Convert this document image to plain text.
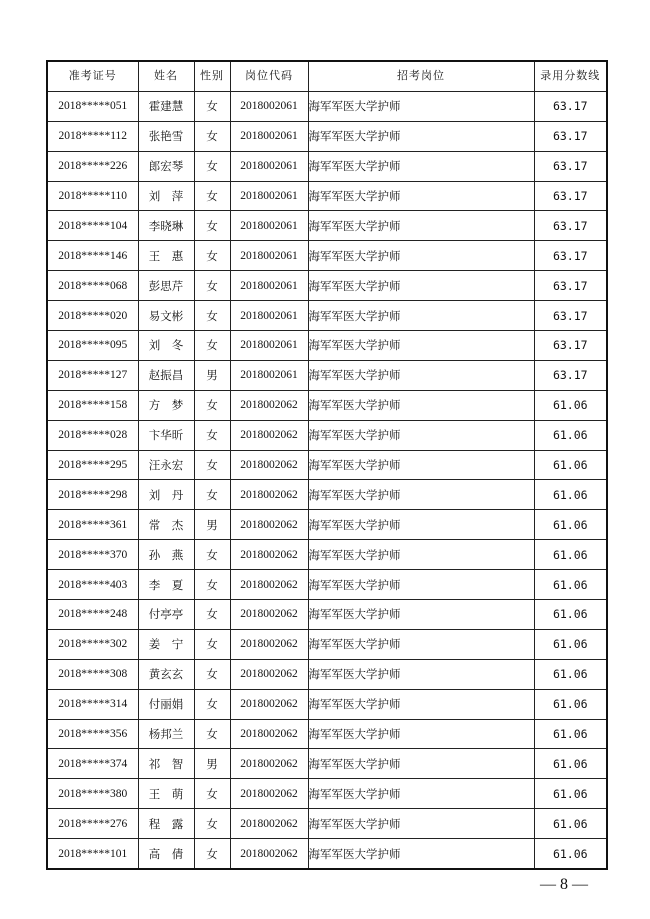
准考证号	姓名	性别	岗位代码	招考岗位	录用分数线
2018*****051	霍建慧	女	2018002061	海军军医大学护师	63.17
2018*****112	张艳雪	女	2018002061	海军军医大学护师	63.17
2018*****226	郎宏琴	女	2018002061	海军军医大学护师	63.17
2018*****110	刘　萍	女	2018002061	海军军医大学护师	63.17
2018*****104	李晓琳	女	2018002061	海军军医大学护师	63.17
2018*****146	王　惠	女	2018002061	海军军医大学护师	63.17
2018*****068	彭思芹	女	2018002061	海军军医大学护师	63.17
2018*****020	易文彬	女	2018002061	海军军医大学护师	63.17
2018*****095	刘　冬	女	2018002061	海军军医大学护师	63.17
2018*****127	赵振昌	男	2018002061	海军军医大学护师	63.17
2018*****158	方　梦	女	2018002062	海军军医大学护师	61.06
2018*****028	卞华昕	女	2018002062	海军军医大学护师	61.06
2018*****295	汪永宏	女	2018002062	海军军医大学护师	61.06
2018*****298	刘　丹	女	2018002062	海军军医大学护师	61.06
2018*****361	常　杰	男	2018002062	海军军医大学护师	61.06
2018*****370	孙　燕	女	2018002062	海军军医大学护师	61.06
2018*****403	李　夏	女	2018002062	海军军医大学护师	61.06
2018*****248	付亭亭	女	2018002062	海军军医大学护师	61.06
2018*****302	姜　宁	女	2018002062	海军军医大学护师	61.06
2018*****308	黄玄玄	女	2018002062	海军军医大学护师	61.06
2018*****314	付丽娟	女	2018002062	海军军医大学护师	61.06
2018*****356	杨邦兰	女	2018002062	海军军医大学护师	61.06
2018*****374	祁　智	男	2018002062	海军军医大学护师	61.06
2018*****380	王　萌	女	2018002062	海军军医大学护师	61.06
2018*****276	程　露	女	2018002062	海军军医大学护师	61.06
2018*****101	高　倩	女	2018002062	海军军医大学护师	61.06
— 8 —
